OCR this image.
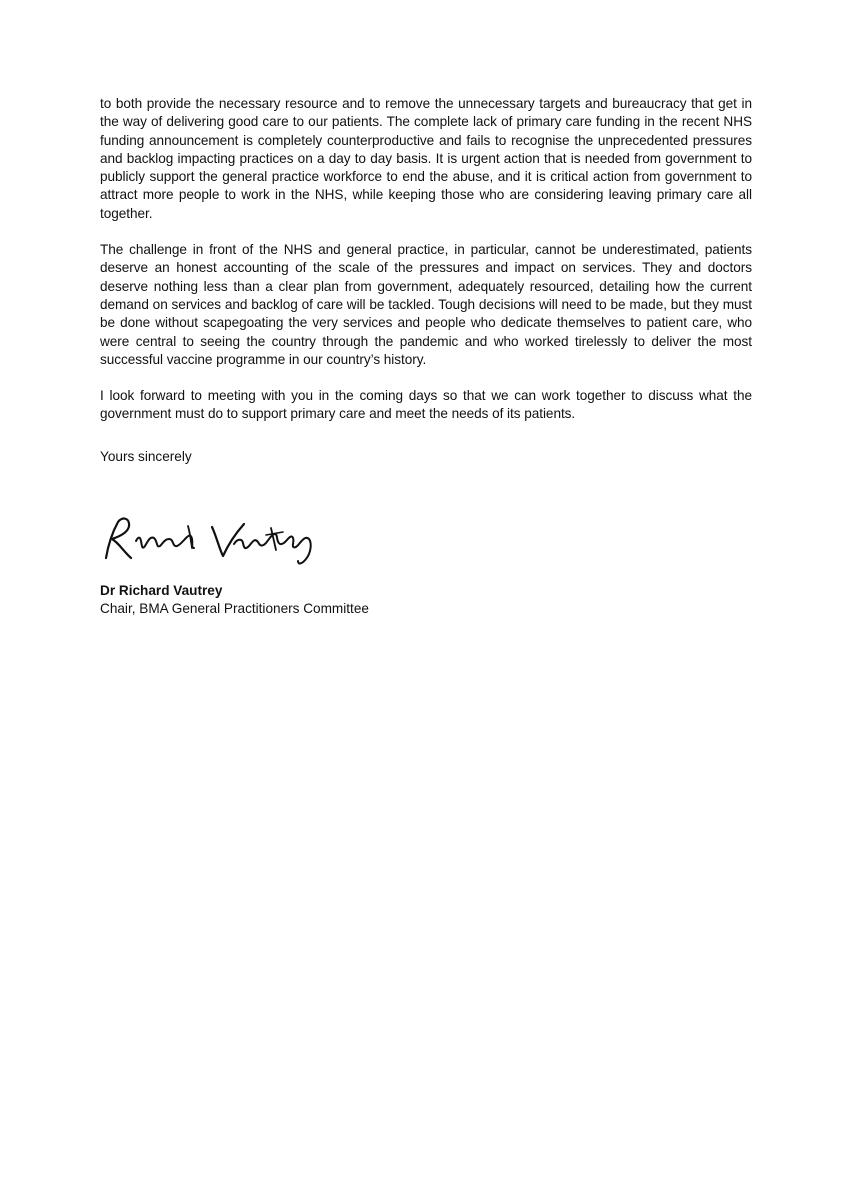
to both provide the necessary resource and to remove the unnecessary targets and bureaucracy that get in the way of delivering good care to our patients. The complete lack of primary care funding in the recent NHS funding announcement is completely counterproductive and fails to recognise the unprecedented pressures and backlog impacting practices on a day to day basis. It is urgent action that is needed from government to publicly support the general practice workforce to end the abuse, and it is critical action from government to attract more people to work in the NHS, while keeping those who are considering leaving primary care all together.

The challenge in front of the NHS and general practice, in particular, cannot be underestimated, patients deserve an honest accounting of the scale of the pressures and impact on services. They and doctors deserve nothing less than a clear plan from government, adequately resourced, detailing how the current demand on services and backlog of care will be tackled. Tough decisions will need to be made, but they must be done without scapegoating the very services and people who dedicate themselves to patient care, who were central to seeing the country through the pandemic and who worked tirelessly to deliver the most successful vaccine programme in our country’s history.

I look forward to meeting with you in the coming days so that we can work together to discuss what the government must do to support primary care and meet the needs of its patients.

Yours sincerely

Dr Richard Vautrey

Chair, BMA General Practitioners Committee
